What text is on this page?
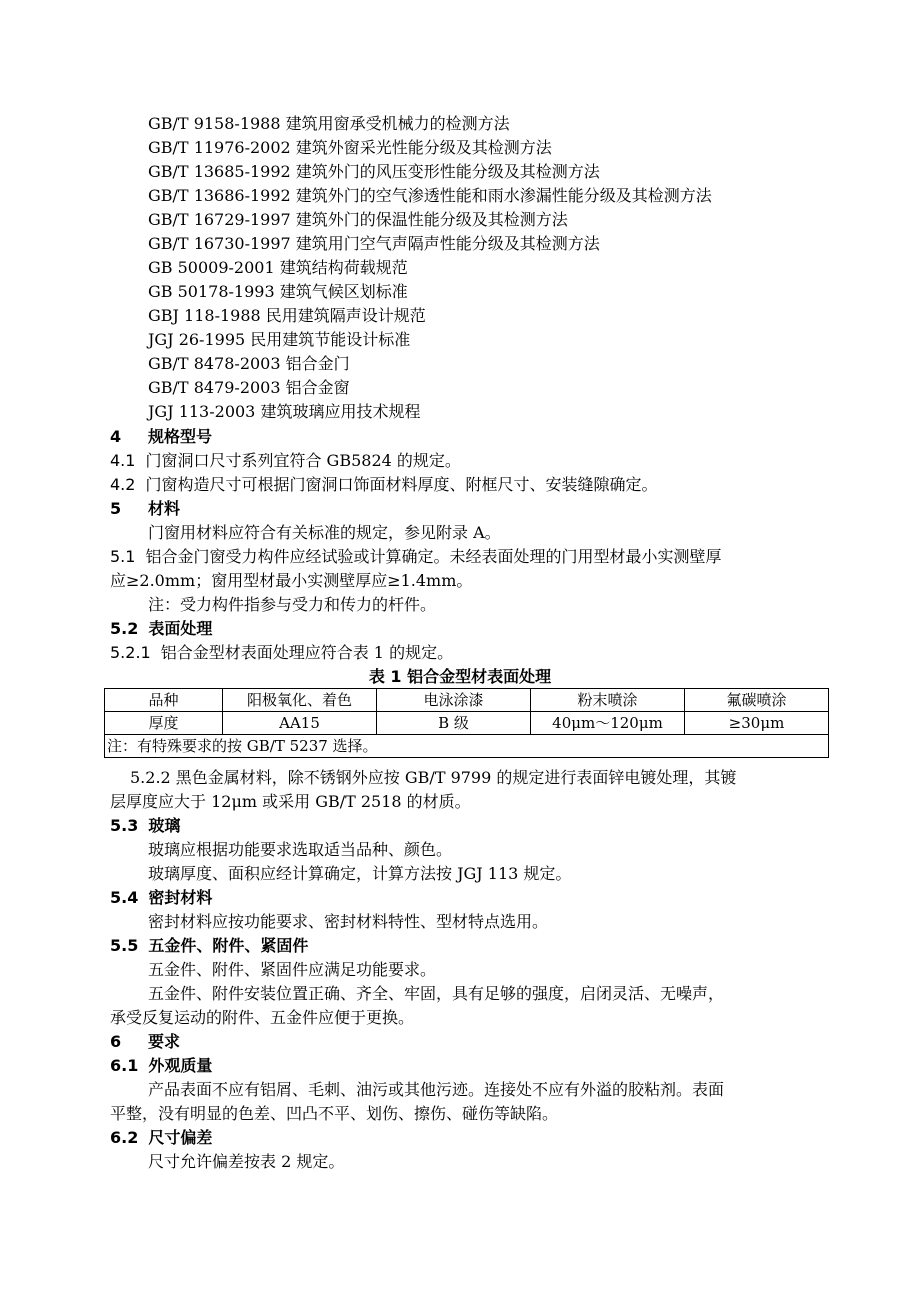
GB/T 9158-1988 建筑用窗承受机械力的检测方法
GB/T 11976-2002 建筑外窗采光性能分级及其检测方法
GB/T 13685-1992 建筑外门的风压变形性能分级及其检测方法
GB/T 13686-1992 建筑外门的空气渗透性能和雨水渗漏性能分级及其检测方法
GB/T 16729-1997 建筑外门的保温性能分级及其检测方法
GB/T 16730-1997 建筑用门空气声隔声性能分级及其检测方法
GB 50009-2001 建筑结构荷载规范
GB 50178-1993 建筑气候区划标准
GBJ 118-1988 民用建筑隔声设计规范
JGJ 26-1995 民用建筑节能设计标准
GB/T 8478-2003 铝合金门
GB/T 8479-2003 铝合金窗
JGJ 113-2003 建筑玻璃应用技术规程
4 规格型号
4.1 门窗洞口尺寸系列宜符合 GB5824 的规定。
4.2 门窗构造尺寸可根据门窗洞口饰面材料厚度、附框尺寸、安装缝隙确定。
5 材料
门窗用材料应符合有关标准的规定，参见附录 A。
5.1 铝合金门窗受力构件应经试验或计算确定。未经表面处理的门用型材最小实测壁厚
应≥2.0mm；窗用型材最小实测壁厚应≥1.4mm。
注：受力构件指参与受力和传力的杆件。
5.2 表面处理
5.2.1 铝合金型材表面处理应符合表 1 的规定。
表 1 铝合金型材表面处理
品种	阳极氧化、着色	电泳涂漆	粉末喷涂	氟碳喷涂
厚度	AA15	B 级	40μm～120μm	≥30μm
注：有特殊要求的按 GB/T 5237 选择。				
5.2.2 黑色金属材料，除不锈钢外应按 GB/T 9799 的规定进行表面锌电镀处理，其镀
层厚度应大于 12μm 或采用 GB/T 2518 的材质。
5.3 玻璃
玻璃应根据功能要求选取适当品种、颜色。
玻璃厚度、面积应经计算确定，计算方法按 JGJ 113 规定。
5.4 密封材料
密封材料应按功能要求、密封材料特性、型材特点选用。
5.5 五金件、附件、紧固件
五金件、附件、紧固件应满足功能要求。
五金件、附件安装位置正确、齐全、牢固，具有足够的强度，启闭灵活、无噪声，
承受反复运动的附件、五金件应便于更换。
6 要求
6.1 外观质量
产品表面不应有铝屑、毛刺、油污或其他污迹。连接处不应有外溢的胶粘剂。表面
平整，没有明显的色差、凹凸不平、划伤、擦伤、碰伤等缺陷。
6.2 尺寸偏差
尺寸允许偏差按表 2 规定。
